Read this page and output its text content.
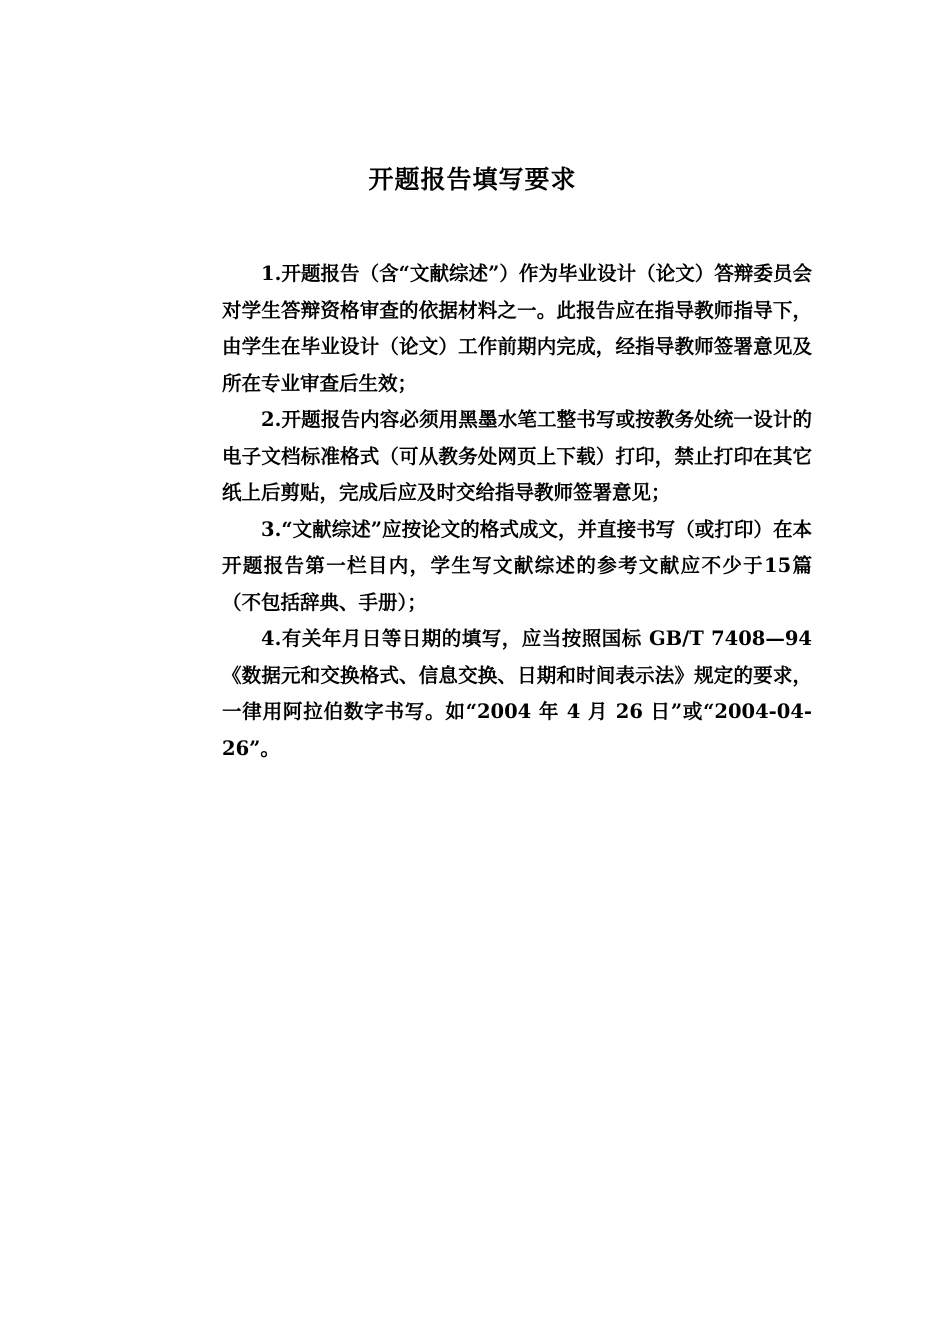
开题报告填写要求

1.开题报告（含“文献综述”）作为毕业设计（论文）答辩委员会对学生答辩资格审查的依据材料之一。此报告应在指导教师指导下，由学生在毕业设计（论文）工作前期内完成，经指导教师签署意见及所在专业审查后生效；

2.开题报告内容必须用黑墨水笔工整书写或按教务处统一设计的电子文档标准格式（可从教务处网页上下载）打印，禁止打印在其它纸上后剪贴，完成后应及时交给指导教师签署意见；

3.“文献综述”应按论文的格式成文，并直接书写（或打印）在本开题报告第一栏目内，学生写文献综述的参考文献应不少于15篇（不包括辞典、手册）；

4.有关年月日等日期的填写，应当按照国标 GB/T 7408—94《数据元和交换格式、信息交换、日期和时间表示法》规定的要求，一律用阿拉伯数字书写。如“2004 年 4 月 26 日”或“2004-04-26”。
